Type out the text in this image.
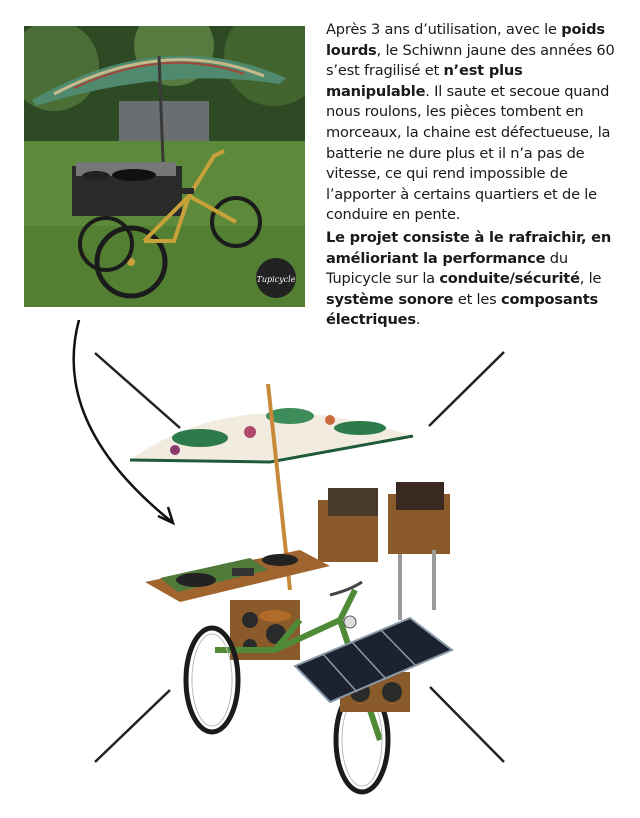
Tupicycle

Après 3 ans d’utilisation, avec le poids lourds, le Schiwnn jaune des années 60 s’est fragilisé et n’est plus manipulable. Il saute et secoue quand nous roulons, les pièces tombent en morceaux, la chaine est défectueuse, la batterie ne dure plus et il n’a pas de vitesse, ce qui rend impossible de l’apporter à certains quartiers et de le conduire en pente.

Le projet consiste à le rafraichir, en amélioriant la performance du Tupicycle sur la conduite/sécurité, le système sonore et les composants électriques.
